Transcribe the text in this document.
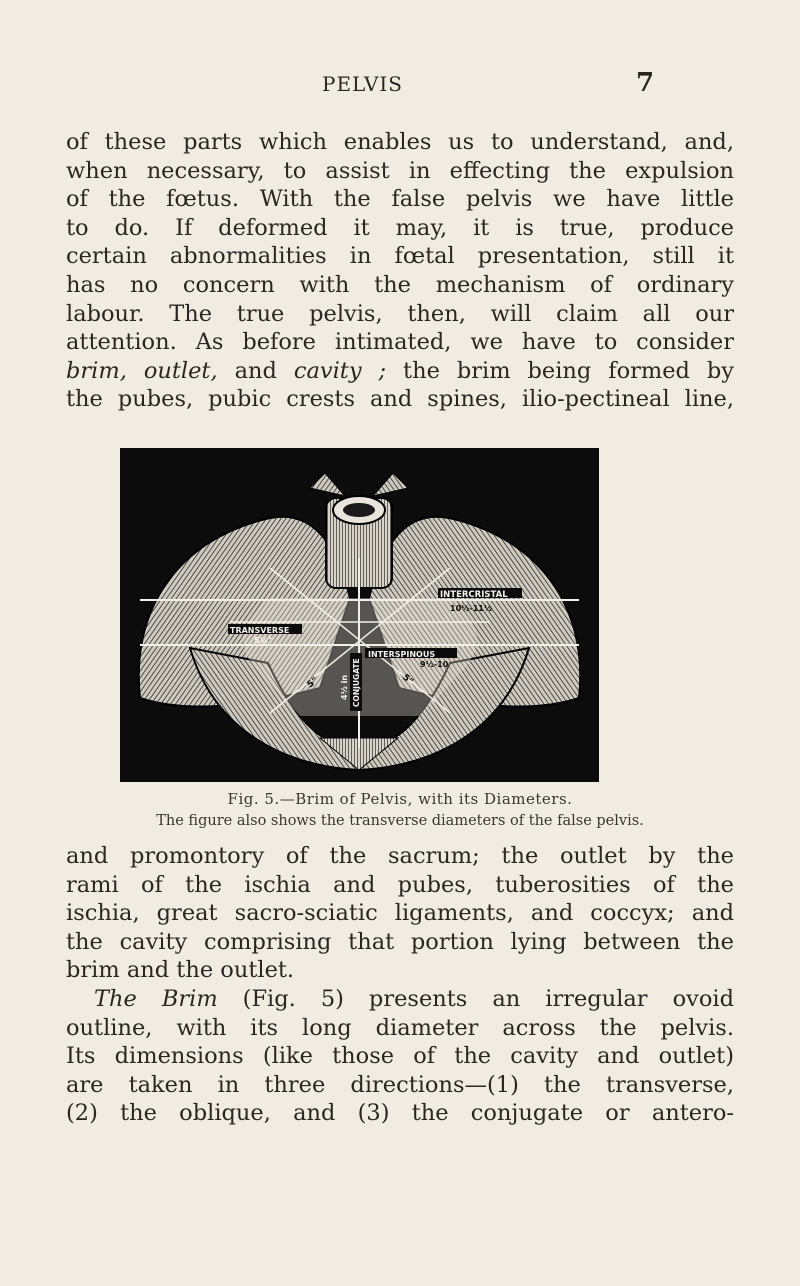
PELVIS	7

of these parts which enables us to understand, and,

when necessary, to assist in effecting the expulsion

of the fœtus. With the false pelvis we have little

to do. If deformed it may, it is true, produce

certain abnormalities in fœtal presentation, still it

has no concern with the mechanism of ordinary

labour. The true pelvis, then, will claim all our

attention. As before intimated, we have to consider

brim, outlet, and cavity ; the brim being formed by

the pubes, pubic crests and spines, ilio-pectineal line,

TRANSVERSE
5¼"
INTERSPINOUS
9½-10
INTERCRISTAL
10½-11½
CONJUGATE
4½ in
5"	5"
Fig. 5.—Brim of Pelvis, with its Diameters.
The figure also shows the transverse diameters of the false pelvis.

and promontory of the sacrum; the outlet by the

rami of the ischia and pubes, tuberosities of the

ischia, great sacro-sciatic ligaments, and coccyx; and

the cavity comprising that portion lying between the

brim and the outlet.

The Brim (Fig. 5) presents an irregular ovoid

outline, with its long diameter across the pelvis.

Its dimensions (like those of the cavity and outlet)

are taken in three directions—(1) the transverse,

(2) the oblique, and (3) the conjugate or antero-
